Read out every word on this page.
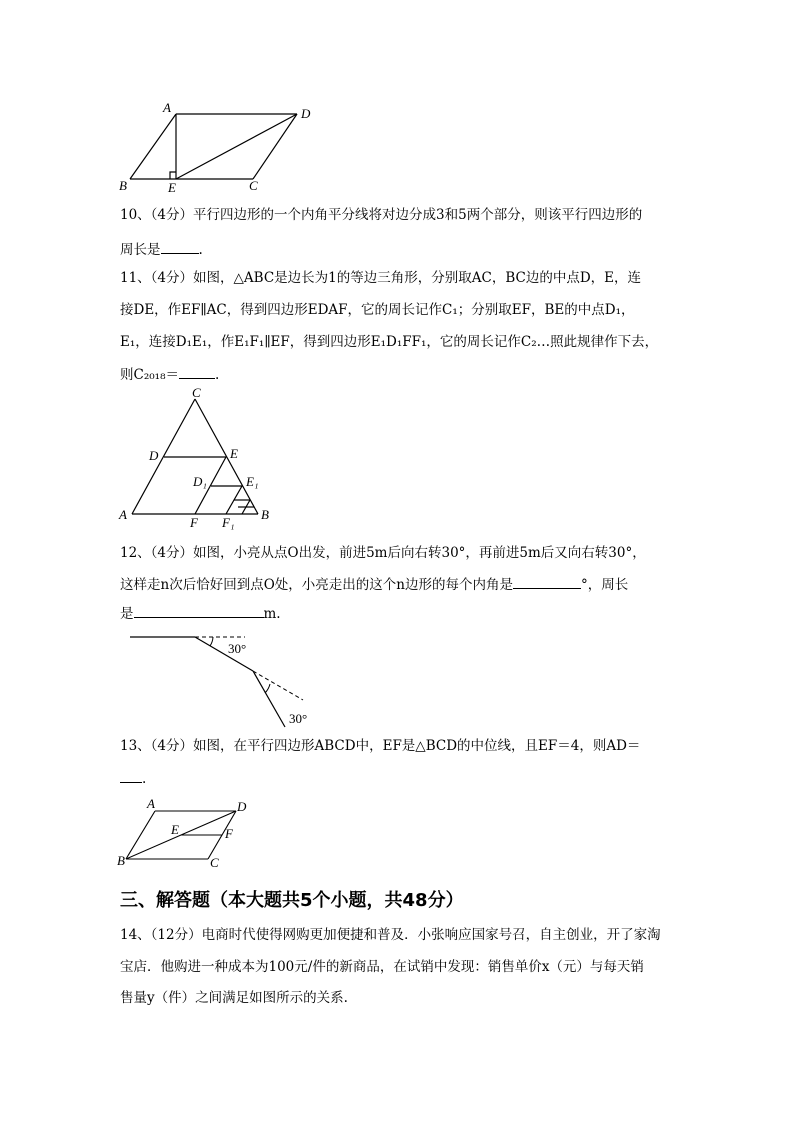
A	D
B	E	C
10、（4分）平行四边形的一个内角平分线将对边分成3和5两个部分，则该平行四边形的
周长是	.
11、（4分）如图，△ABC是边长为1的等边三角形，分别取AC，BC边的中点D，E，连
接DE，作EF∥AC，得到四边形EDAF，它的周长记作C₁；分别取EF，BE的中点D₁，
E₁，连接D₁E₁，作E₁F₁∥EF，得到四边形E₁D₁FF₁，它的周长记作C₂…照此规律作下去，
则C₂₀₁₈＝	.
C
D	E
D₁	E₁
A
F F₁
B
12、（4分）如图，小亮从点O出发，前进5m后向右转30°，再前进5m后又向右转30°，
这样走n次后恰好回到点O处，小亮走出的这个n边形的每个内角是	°，周长
是	m.
30°
30°
13、（4分）如图，在平行四边形ABCD中，EF是△BCD的中位线，且EF＝4，则AD＝
.
A	D
E	F
B	C
三、解答题（本大题共5个小题，共48分）
14、（12分）电商时代使得网购更加便捷和普及．小张响应国家号召，自主创业，开了家淘
宝店．他购进一种成本为100元/件的新商品，在试销中发现：销售单价x（元）与每天销
售量y（件）之间满足如图所示的关系.
